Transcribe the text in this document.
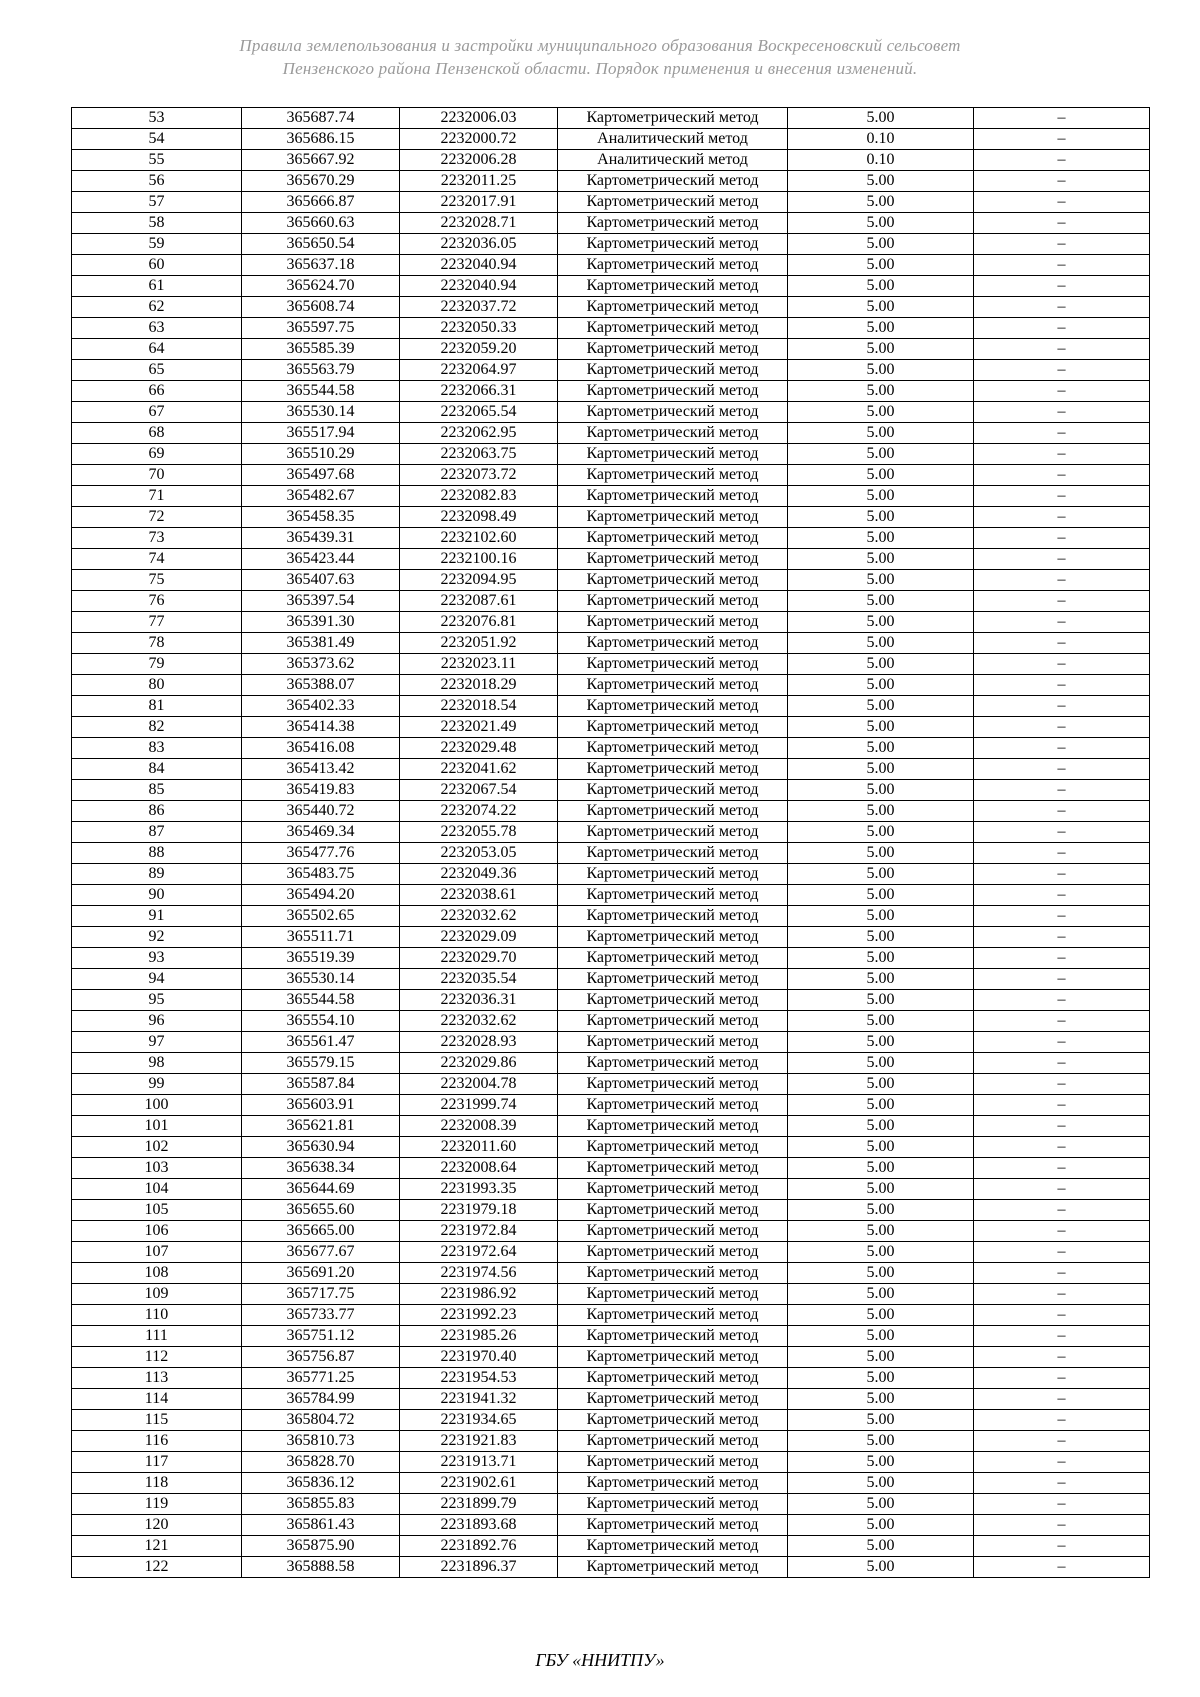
Правила землепользования и застройки муниципального образования Воскресеновский сельсовет
Пензенского района Пензенской области. Порядок применения и внесения изменений.
53	365687.74	2232006.03	Картометрический метод	5.00	–
54	365686.15	2232000.72	Аналитический метод	0.10	–
55	365667.92	2232006.28	Аналитический метод	0.10	–
56	365670.29	2232011.25	Картометрический метод	5.00	–
57	365666.87	2232017.91	Картометрический метод	5.00	–
58	365660.63	2232028.71	Картометрический метод	5.00	–
59	365650.54	2232036.05	Картометрический метод	5.00	–
60	365637.18	2232040.94	Картометрический метод	5.00	–
61	365624.70	2232040.94	Картометрический метод	5.00	–
62	365608.74	2232037.72	Картометрический метод	5.00	–
63	365597.75	2232050.33	Картометрический метод	5.00	–
64	365585.39	2232059.20	Картометрический метод	5.00	–
65	365563.79	2232064.97	Картометрический метод	5.00	–
66	365544.58	2232066.31	Картометрический метод	5.00	–
67	365530.14	2232065.54	Картометрический метод	5.00	–
68	365517.94	2232062.95	Картометрический метод	5.00	–
69	365510.29	2232063.75	Картометрический метод	5.00	–
70	365497.68	2232073.72	Картометрический метод	5.00	–
71	365482.67	2232082.83	Картометрический метод	5.00	–
72	365458.35	2232098.49	Картометрический метод	5.00	–
73	365439.31	2232102.60	Картометрический метод	5.00	–
74	365423.44	2232100.16	Картометрический метод	5.00	–
75	365407.63	2232094.95	Картометрический метод	5.00	–
76	365397.54	2232087.61	Картометрический метод	5.00	–
77	365391.30	2232076.81	Картометрический метод	5.00	–
78	365381.49	2232051.92	Картометрический метод	5.00	–
79	365373.62	2232023.11	Картометрический метод	5.00	–
80	365388.07	2232018.29	Картометрический метод	5.00	–
81	365402.33	2232018.54	Картометрический метод	5.00	–
82	365414.38	2232021.49	Картометрический метод	5.00	–
83	365416.08	2232029.48	Картометрический метод	5.00	–
84	365413.42	2232041.62	Картометрический метод	5.00	–
85	365419.83	2232067.54	Картометрический метод	5.00	–
86	365440.72	2232074.22	Картометрический метод	5.00	–
87	365469.34	2232055.78	Картометрический метод	5.00	–
88	365477.76	2232053.05	Картометрический метод	5.00	–
89	365483.75	2232049.36	Картометрический метод	5.00	–
90	365494.20	2232038.61	Картометрический метод	5.00	–
91	365502.65	2232032.62	Картометрический метод	5.00	–
92	365511.71	2232029.09	Картометрический метод	5.00	–
93	365519.39	2232029.70	Картометрический метод	5.00	–
94	365530.14	2232035.54	Картометрический метод	5.00	–
95	365544.58	2232036.31	Картометрический метод	5.00	–
96	365554.10	2232032.62	Картометрический метод	5.00	–
97	365561.47	2232028.93	Картометрический метод	5.00	–
98	365579.15	2232029.86	Картометрический метод	5.00	–
99	365587.84	2232004.78	Картометрический метод	5.00	–
100	365603.91	2231999.74	Картометрический метод	5.00	–
101	365621.81	2232008.39	Картометрический метод	5.00	–
102	365630.94	2232011.60	Картометрический метод	5.00	–
103	365638.34	2232008.64	Картометрический метод	5.00	–
104	365644.69	2231993.35	Картометрический метод	5.00	–
105	365655.60	2231979.18	Картометрический метод	5.00	–
106	365665.00	2231972.84	Картометрический метод	5.00	–
107	365677.67	2231972.64	Картометрический метод	5.00	–
108	365691.20	2231974.56	Картометрический метод	5.00	–
109	365717.75	2231986.92	Картометрический метод	5.00	–
110	365733.77	2231992.23	Картометрический метод	5.00	–
111	365751.12	2231985.26	Картометрический метод	5.00	–
112	365756.87	2231970.40	Картометрический метод	5.00	–
113	365771.25	2231954.53	Картометрический метод	5.00	–
114	365784.99	2231941.32	Картометрический метод	5.00	–
115	365804.72	2231934.65	Картометрический метод	5.00	–
116	365810.73	2231921.83	Картометрический метод	5.00	–
117	365828.70	2231913.71	Картометрический метод	5.00	–
118	365836.12	2231902.61	Картометрический метод	5.00	–
119	365855.83	2231899.79	Картометрический метод	5.00	–
120	365861.43	2231893.68	Картометрический метод	5.00	–
121	365875.90	2231892.76	Картометрический метод	5.00	–
122	365888.58	2231896.37	Картометрический метод	5.00	–
ГБУ «ННИТПУ»
